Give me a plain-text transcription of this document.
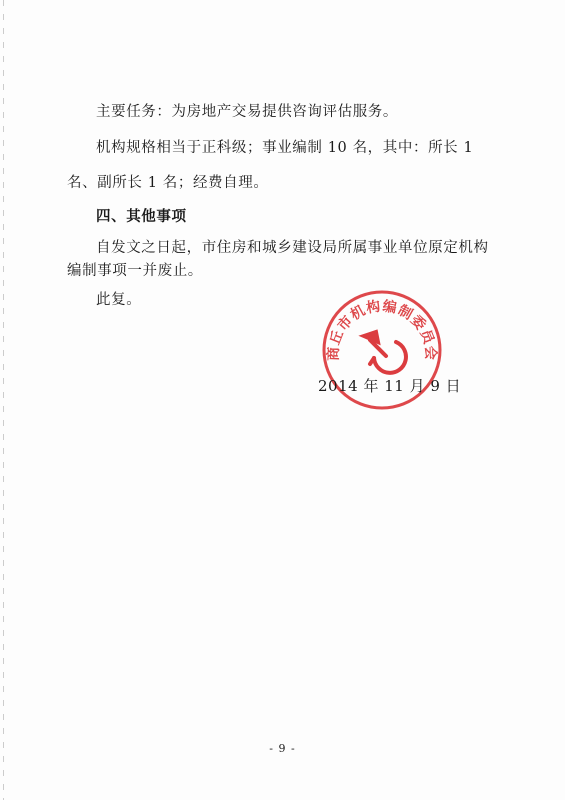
主要任务：为房地产交易提供咨询评估服务。
机构规格相当于正科级；事业编制 10 名，其中：所长 1
名、副所长 1 名；经费自理。
四、其他事项
自发文之日起，市住房和城乡建设局所属事业单位原定机构
编制事项一并废止。
此复。
商丘市机构编制委员会
2014 年 11 月 9 日
- 9 -
